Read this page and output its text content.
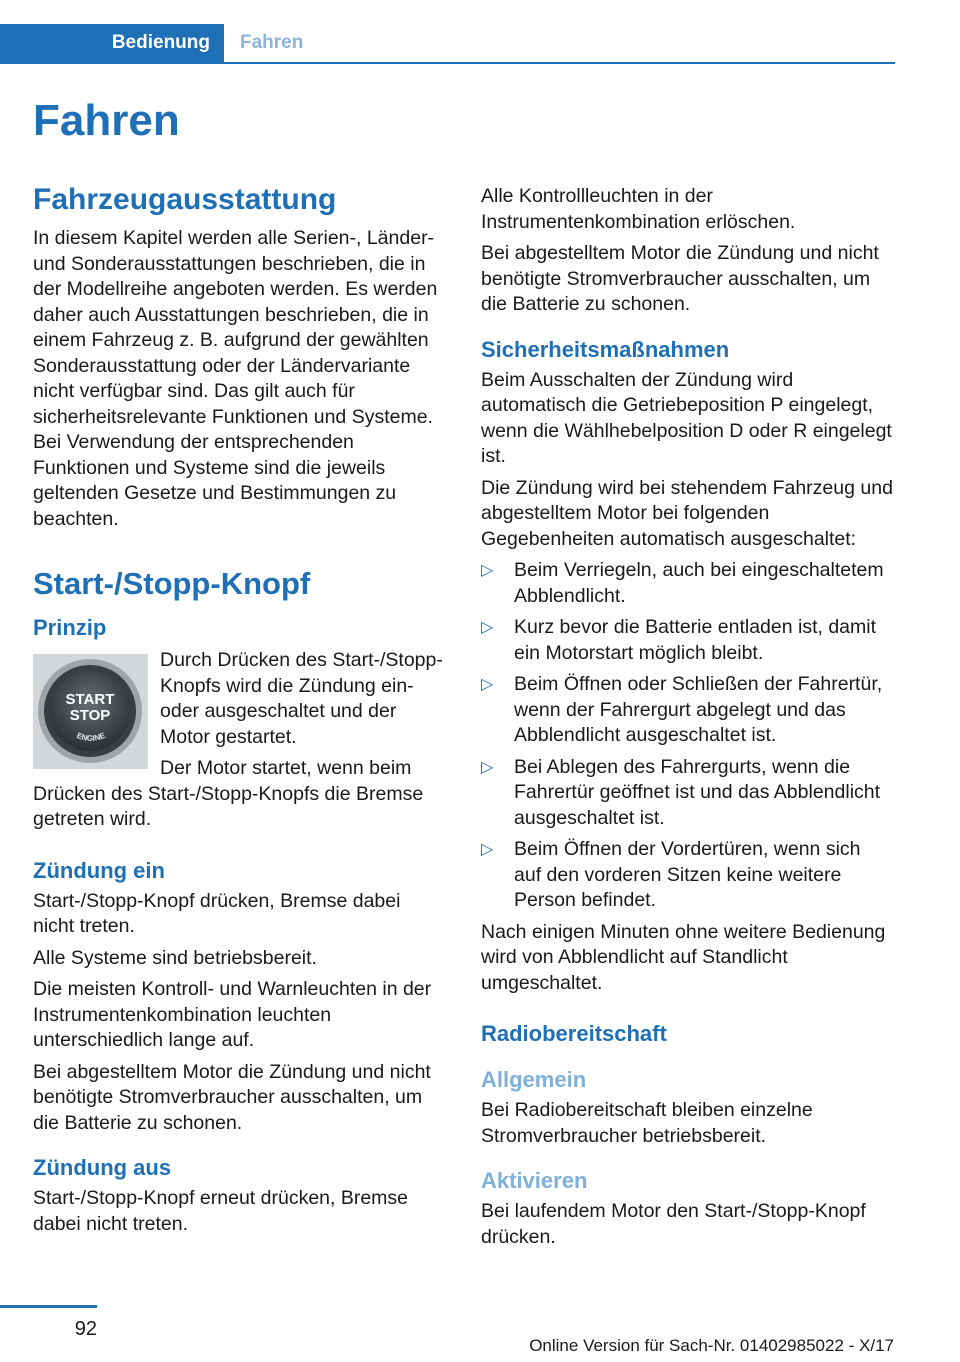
Bedienung	Fahren
Fahren
Fahrzeugausstattung

In diesem Kapitel werden alle Serien-, Länder- und Sonderausstattungen beschrieben, die in der Modellreihe angeboten werden. Es werden daher auch Ausstattungen beschrieben, die in einem Fahrzeug z. B. aufgrund der gewählten Sonderausstattung oder der Ländervariante nicht verfügbar sind. Das gilt auch für sicherheitsrelevante Funktionen und Systeme. Bei Verwendung der entsprechenden Funktionen und Systeme sind die jeweils geltenden Gesetze und Bestimmungen zu beachten.

Start-/Stopp-Knopf
Prinzip
START
STOP
ENGINE

Durch Drücken des Start-/Stopp-Knopfs wird die Zündung ein- oder ausgeschaltet und der Motor gestartet.

Der Motor startet, wenn beim Drücken des Start-/Stopp-Knopfs die Bremse getreten wird.

Zündung ein

Start-/Stopp-Knopf drücken, Bremse dabei nicht treten.

Alle Systeme sind betriebsbereit.

Die meisten Kontroll- und Warnleuchten in der Instrumentenkombination leuchten unterschiedlich lange auf.

Bei abgestelltem Motor die Zündung und nicht benötigte Stromverbraucher ausschalten, um die Batterie zu schonen.

Zündung aus

Start-/Stopp-Knopf erneut drücken, Bremse dabei nicht treten.

Alle Kontrollleuchten in der Instrumentenkombination erlöschen.

Bei abgestelltem Motor die Zündung und nicht benötigte Stromverbraucher ausschalten, um die Batterie zu schonen.

Sicherheitsmaßnahmen

Beim Ausschalten der Zündung wird automatisch die Getriebeposition P eingelegt, wenn die Wählhebelposition D oder R eingelegt ist.

Die Zündung wird bei stehendem Fahrzeug und abgestelltem Motor bei folgenden Gegebenheiten automatisch ausgeschaltet:

▷ Beim Verriegeln, auch bei eingeschaltetem Abblendlicht.
▷ Kurz bevor die Batterie entladen ist, damit ein Motorstart möglich bleibt.
▷ Beim Öffnen oder Schließen der Fahrertür, wenn der Fahrergurt abgelegt und das Abblendlicht ausgeschaltet ist.
▷ Bei Ablegen des Fahrergurts, wenn die Fahrertür geöffnet ist und das Abblendlicht ausgeschaltet ist.
▷ Beim Öffnen der Vordertüren, wenn sich auf den vorderen Sitzen keine weitere Person befindet.

Nach einigen Minuten ohne weitere Bedienung wird von Abblendlicht auf Standlicht umgeschaltet.

Radiobereitschaft
Allgemein

Bei Radiobereitschaft bleiben einzelne Stromverbraucher betriebsbereit.

Aktivieren

Bei laufendem Motor den Start-/Stopp-Knopf drücken.

92
Online Version für Sach-Nr. 01402985022 - X/17
